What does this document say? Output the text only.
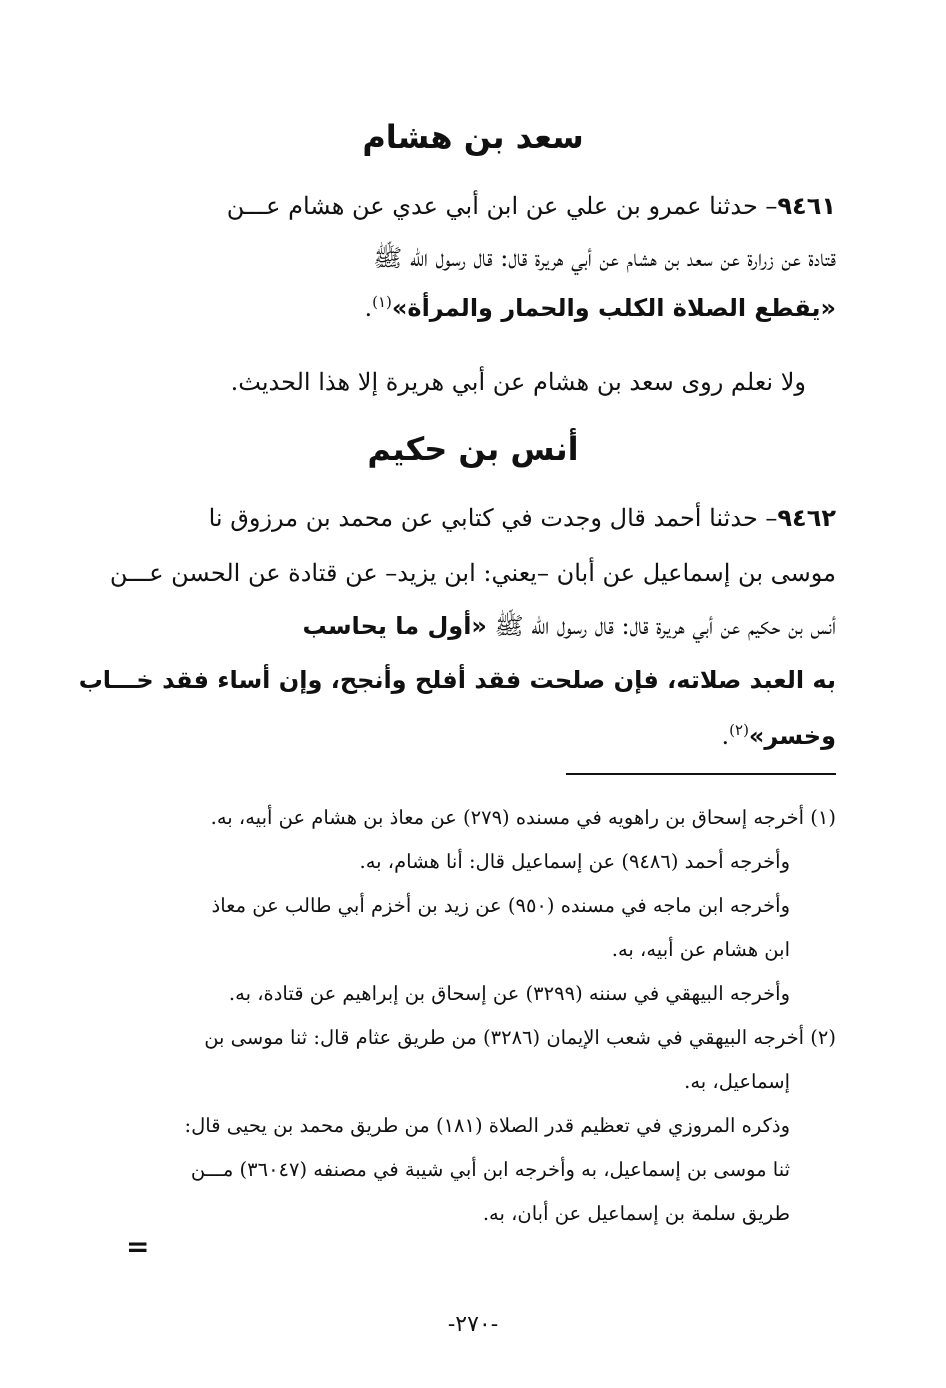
سعد بن هشام
٩٤٦١– حدثنا عمرو بن علي عن ابن أبي عدي عن هشام عـــن
قتادة عن زرارة عن سعد بن هشام عن أبي هريرة قال: قال رسول الله ﷺ
«يقطع الصلاة الكلب والحمار والمرأة»$^{(١)}$.
ولا نعلم روى سعد بن هشام عن أبي هريرة إلا هذا الحديث.
أنس بن حكيم
٩٤٦٢– حدثنا أحمد قال وجدت في كتابي عن محمد بن مرزوق نا
موسى بن إسماعيل عن أبان –يعني: ابن يزيد– عن قتادة عن الحسن عـــن
أنس بن حكيم عن أبي هريرة قال: قال رسول الله ﷺ «أول ما يحاسب
به العبد صلاته، فإن صلحت فقد أفلح وأنجح، وإن أساء فقد خـــاب
وخسر»$^{(٢)}$.
(١) أخرجه إسحاق بن راهويه في مسنده (٢٧٩) عن معاذ بن هشام عن أبيه، به.
وأخرجه أحمد (٩٤٨٦) عن إسماعيل قال: أنا هشام، به.
وأخرجه ابن ماجه في مسنده (٩٥٠) عن زيد بن أخزم أبي طالب عن معاذ
ابن هشام عن أبيه، به.
وأخرجه البيهقي في سننه (٣٢٩٩) عن إسحاق بن إبراهيم عن قتادة، به.
(٢) أخرجه البيهقي في شعب الإيمان (٣٢٨٦) من طريق عثام قال: ثنا موسى بن
إسماعيل، به.
وذكره المروزي في تعظيم قدر الصلاة (١٨١) من طريق محمد بن يحيى قال:
ثنا موسى بن إسماعيل، به وأخرجه ابن أبي شيبة في مصنفه (٣٦٠٤٧) مـــن
طريق سلمة بن إسماعيل عن أبان، به.
=
-٢٧٠-
